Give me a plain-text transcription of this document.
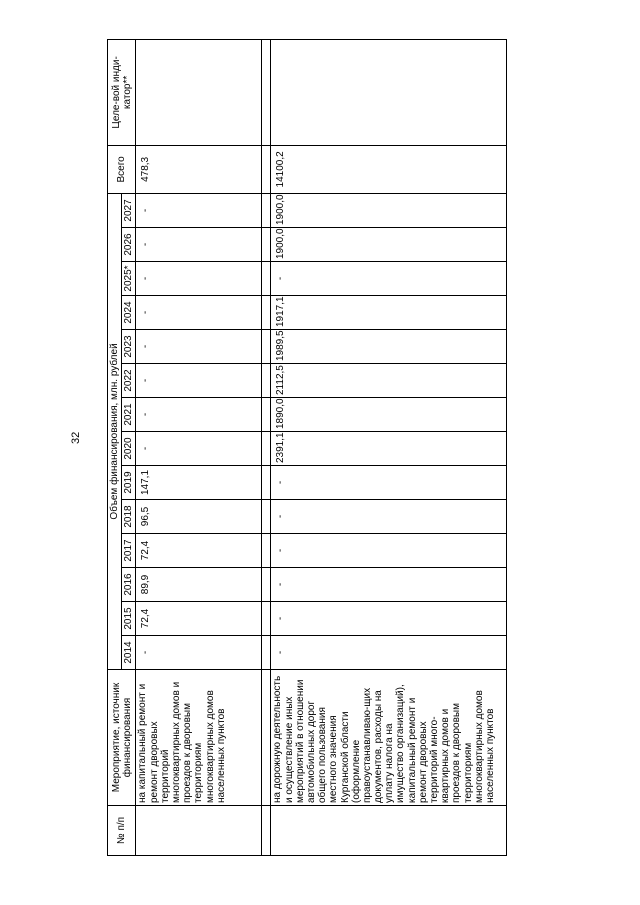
32
№ п/п	Мероприятие, источник финансирования	Объем финансирования, млн. рублей														Всего	Целе-вой инди-катор**
		2014	2015	2016	2017	2018	2019	2020	2021	2022	2023	2024	2025*	2026	2027		
	на капитальный ремонт и ремонт дворовых территорий многоквартирных домов и проездов к дворовым территориям многоквартирных домов населенных пунктов	-	72,4	89,9	72,4	96,5	147,1	-	-	-	-	-	-	-	-	478,3	

	на дорожную деятельность и осуществление иных мероприятий в отношении автомобильных дорог общего пользования местного значения Курганской области (оформление правоустанавливаю-щих документов, расходы на уплату налога на имущество организаций), капитальный ремонт и ремонт дворовых территорий много-квартирных домов и проездов к дворовым территориям многоквартирных домов населенных пунктов	-	-	-	-	-	-	2391,1	1890,0	2112,5	1989,5	1917,1	-	1900,0	1900,0	14100,2	
